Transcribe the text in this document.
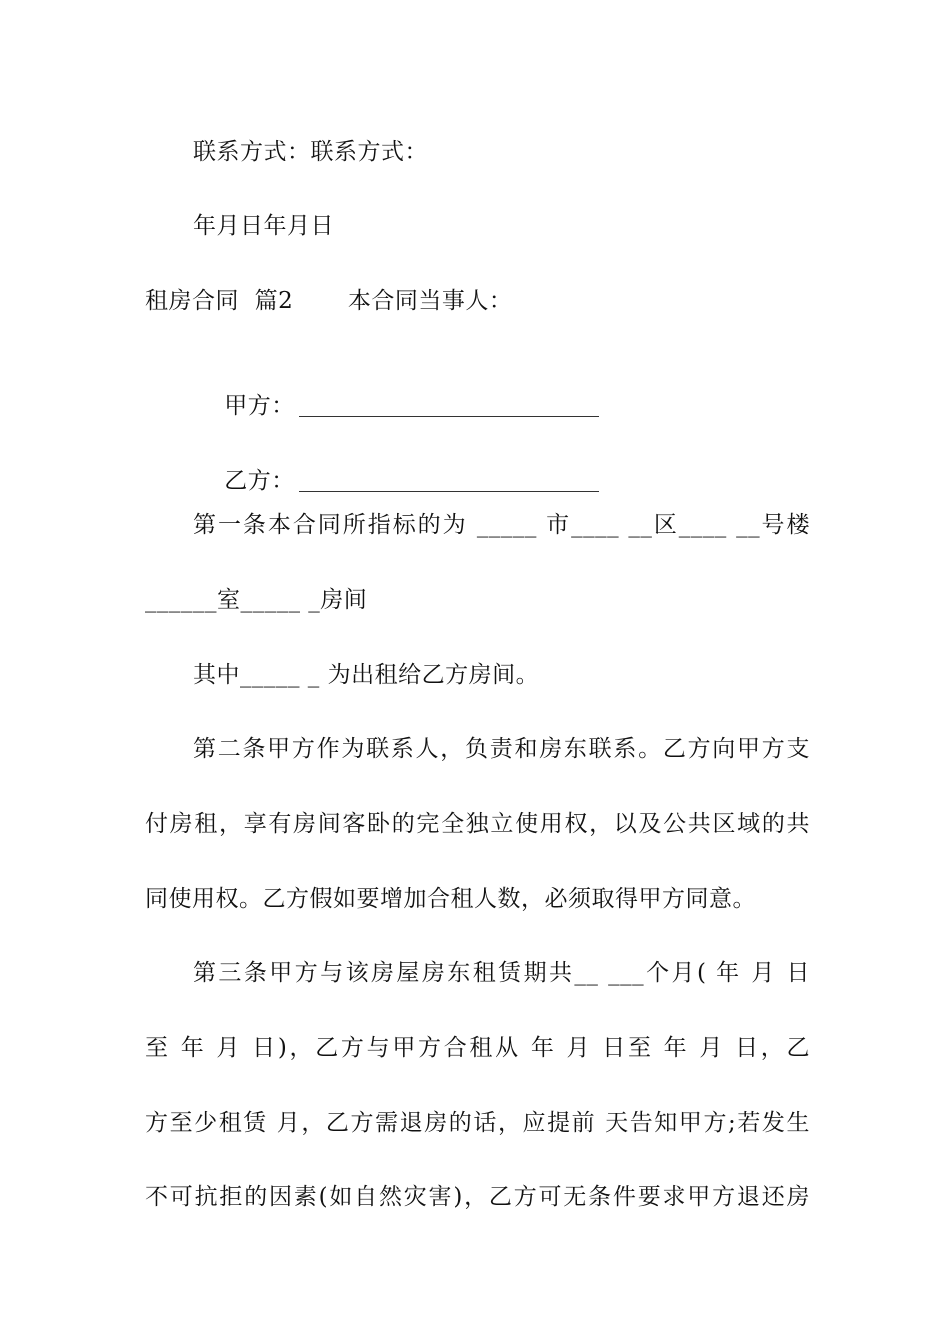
联系方式：联系方式：
年月日年月日
租房合同  篇2       本合同当事人：

甲方：

乙方：

第一条本合同所指标的为 _____ 市____ __区____ __号楼
______室_____ _房间
其中_____ _ 为出租给乙方房间。
第二条甲方作为联系人，负责和房东联系。乙方向甲方支
付房租，享有房间客卧的完全独立使用权，以及公共区域的共
同使用权。乙方假如要增加合租人数，必须取得甲方同意。
第三条甲方与该房屋房东租赁期共__ ___个月( 年 月 日
至 年 月 日)，乙方与甲方合租从 年 月 日至 年 月 日，乙
方至少租赁 月，乙方需退房的话，应提前 天告知甲方;若发生
不可抗拒的因素(如自然灾害)，乙方可无条件要求甲方退还房
